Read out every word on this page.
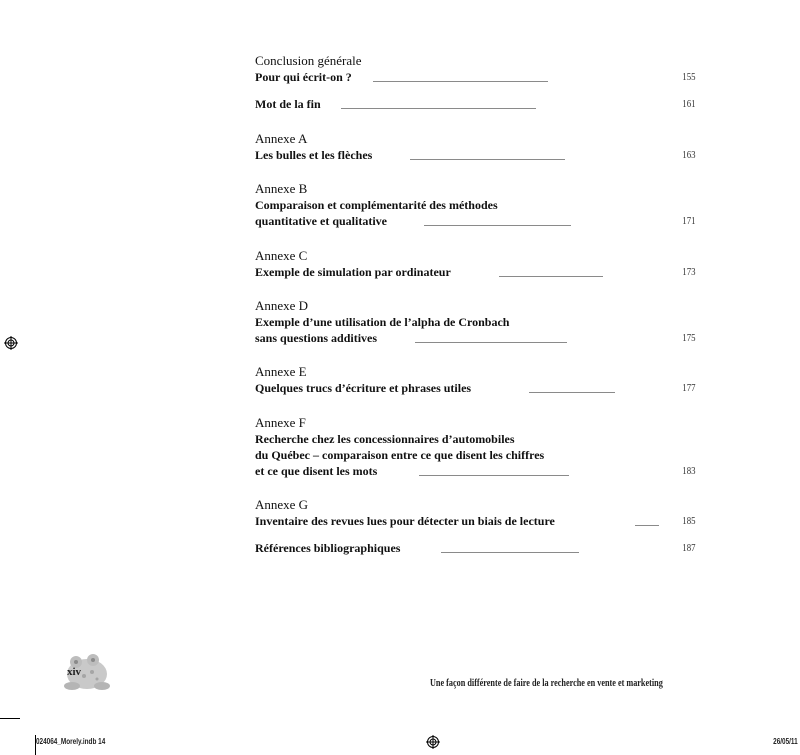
Conclusion générale
Pour qui écrit-on ?	155
Mot de la fin	161
Annexe A
Les bulles et les flèches	163
Annexe B
Comparaison et complémentarité des méthodes
quantitative et qualitative	171
Annexe C
Exemple de simulation par ordinateur	173
Annexe D
Exemple d’une utilisation de l’alpha de Cronbach
sans questions additives	175
Annexe E
Quelques trucs d’écriture et phrases utiles	177
Annexe F
Recherche chez les concessionnaires d’automobiles
du Québec – comparaison entre ce que disent les chiffres
et ce que disent les mots	183
Annexe G
Inventaire des revues lues pour détecter un biais de lecture	185
Références bibliographiques	187
xiv
Une façon différente de faire de la recherche en vente et marketing
024064_Morely.indb 14	26/05/11
